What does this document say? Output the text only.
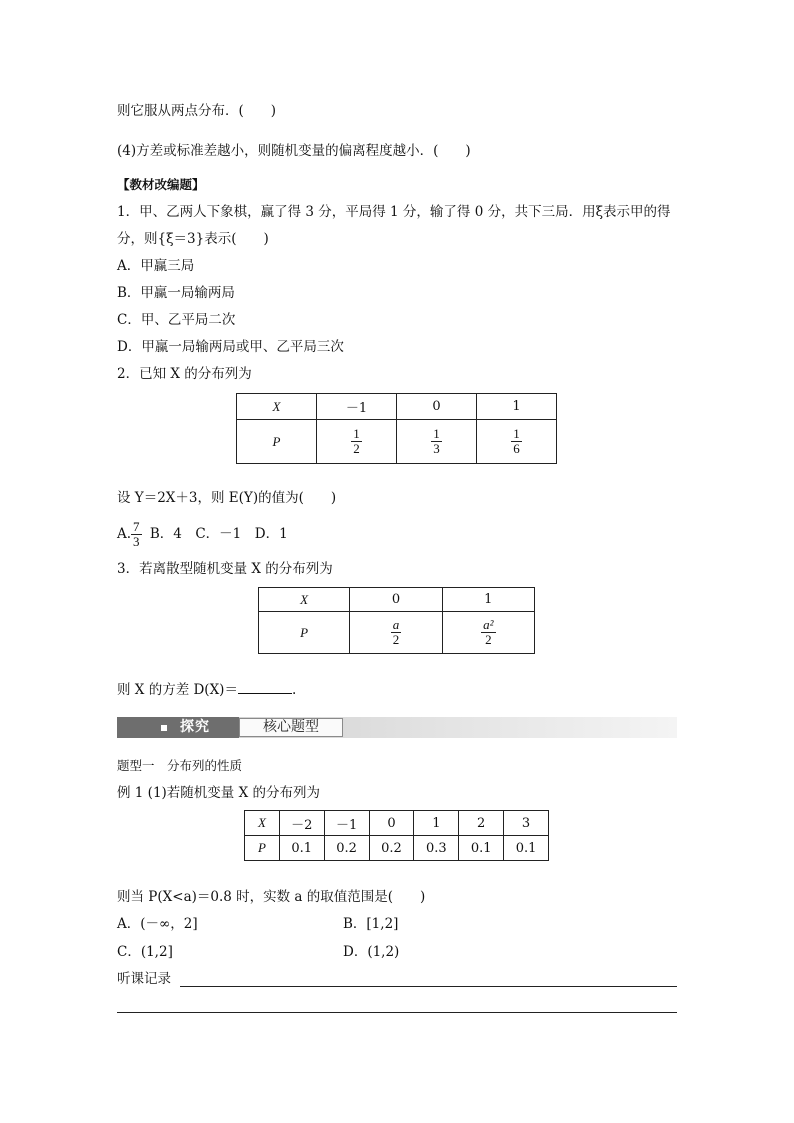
则它服从两点分布．(　　)
(4)方差或标准差越小，则随机变量的偏离程度越小．(　　)
【教材改编题】
1．甲、乙两人下象棋，赢了得 3 分，平局得 1 分，输了得 0 分，共下三局．用ξ表示甲的得
分，则{ξ＝3}表示(　　)
A．甲赢三局
B．甲赢一局输两局
C．甲、乙平局二次
D．甲赢一局输两局或甲、乙平局三次
2．已知 X 的分布列为
X	－1	0	1
P	$\frac{1}{2}$	$\frac{1}{3}$	$\frac{1}{6}$
设 Y＝2X＋3，则 E(Y)的值为(　　)
A. $\frac{7}{3}$ B．4　C．－1　D．1
3．若离散型随机变量 X 的分布列为
X	0	1
P	$\frac{a}{2}$	$\frac{\text{a²}}{2}$
则 X 的方差 D(X)＝	.
探究	核心题型
题型一　分布列的性质
例 1 (1)若随机变量 X 的分布列为
X	－2	－1	0	1	2	3
P	0.1	0.2	0.2	0.3	0.1	0.1
则当 P(X<a)＝0.8 时，实数 a 的取值范围是(　　)
A．(－∞，2]	B．[1,2]
C．(1,2]	D．(1,2)
听课记录
